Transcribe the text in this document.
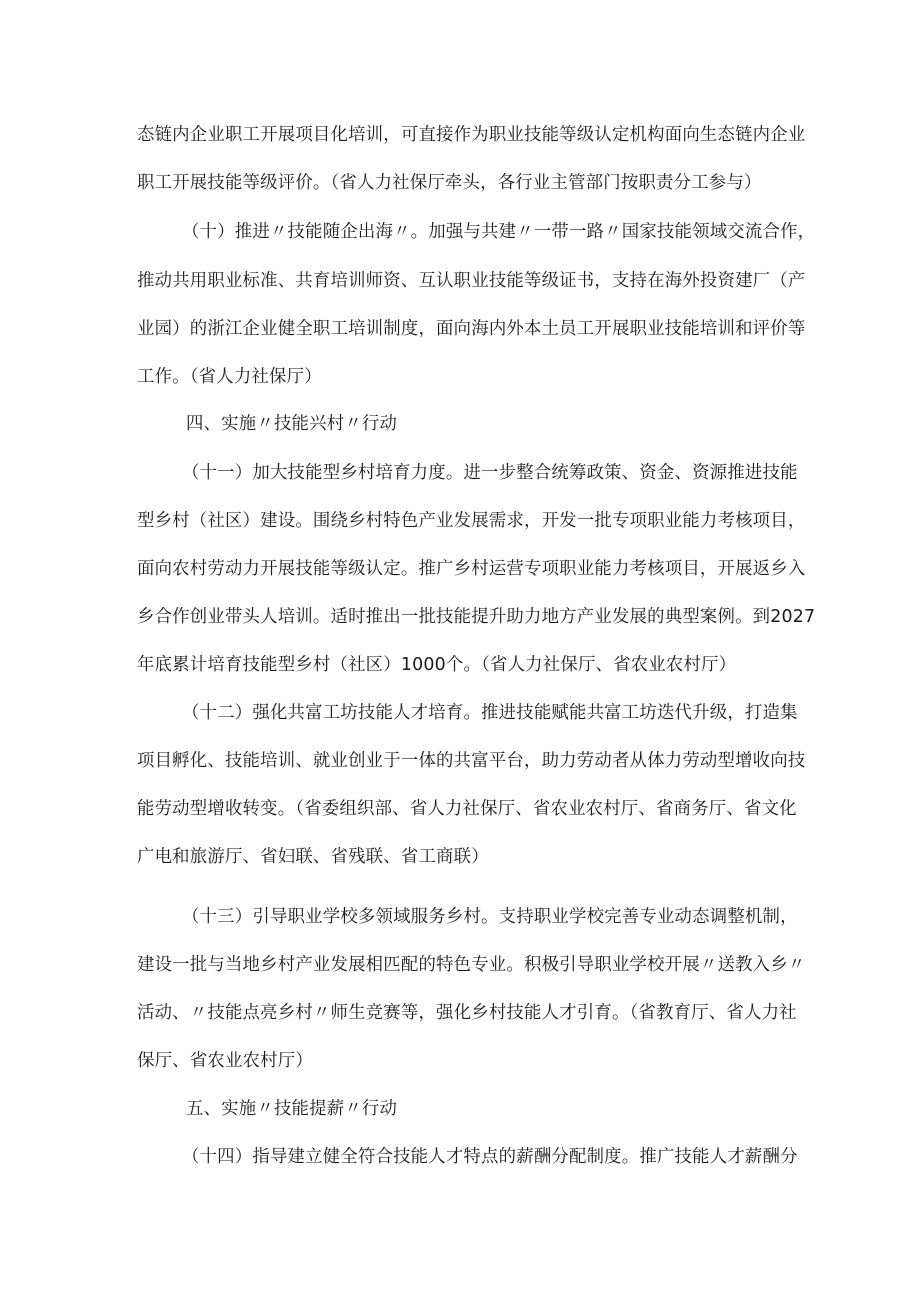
态链内企业职工开展项目化培训，可直接作为职业技能等级认定机构面向生态链内企业
职工开展技能等级评价。（省人力社保厅牵头，各行业主管部门按职责分工参与）
（十）推进〃技能随企出海〃。加强与共建〃一带一路〃国家技能领域交流合作，
推动共用职业标准、共育培训师资、互认职业技能等级证书，支持在海外投资建厂（产
业园）的浙江企业健全职工培训制度，面向海内外本土员工开展职业技能培训和评价等
工作。（省人力社保厅）
四、实施〃技能兴村〃行动
（十一）加大技能型乡村培育力度。进一步整合统筹政策、资金、资源推进技能
型乡村（社区）建设。围绕乡村特色产业发展需求，开发一批专项职业能力考核项目，
面向农村劳动力开展技能等级认定。推广乡村运营专项职业能力考核项目，开展返乡入
乡合作创业带头人培训。适时推出一批技能提升助力地方产业发展的典型案例。到2027
年底累计培育技能型乡村（社区）1000个。（省人力社保厅、省农业农村厅）
（十二）强化共富工坊技能人才培育。推进技能赋能共富工坊迭代升级，打造集
项目孵化、技能培训、就业创业于一体的共富平台，助力劳动者从体力劳动型增收向技
能劳动型增收转变。（省委组织部、省人力社保厅、省农业农村厅、省商务厅、省文化
广电和旅游厅、省妇联、省残联、省工商联）
（十三）引导职业学校多领域服务乡村。支持职业学校完善专业动态调整机制，
建设一批与当地乡村产业发展相匹配的特色专业。积极引导职业学校开展〃送教入乡〃
活动、〃技能点亮乡村〃师生竞赛等，强化乡村技能人才引育。（省教育厅、省人力社
保厅、省农业农村厅）
五、实施〃技能提薪〃行动
（十四）指导建立健全符合技能人才特点的薪酬分配制度。推广技能人才薪酬分
